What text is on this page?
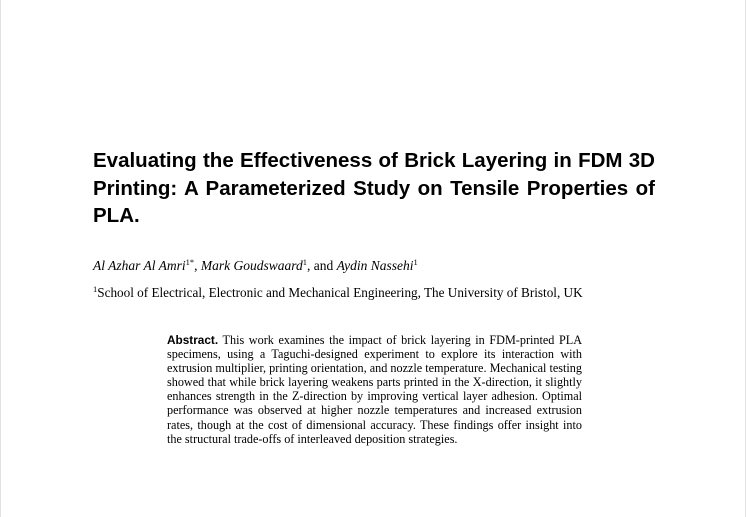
Evaluating the Effectiveness of Brick Layering in FDM 3D Printing: A Parameterized Study on Tensile Properties of PLA.

Al Azhar Al Amri$^{1*}$, Mark Goudswaard$^1$, and Aydin Nassehi$^1$

$^1$School of Electrical, Electronic and Mechanical Engineering, The University of Bristol, UK

Abstract. This work examines the impact of brick layering in FDM-printed PLA specimens, using a Taguchi-designed experiment to explore its interaction with extrusion multiplier, printing orientation, and nozzle temperature. Mechanical testing showed that while brick layering weakens parts printed in the X-direction, it slightly enhances strength in the Z-direction by improving vertical layer adhesion. Optimal performance was observed at higher nozzle temperatures and increased extrusion rates, though at the cost of dimensional accuracy. These findings offer insight into the structural trade-offs of interleaved deposition strategies.
